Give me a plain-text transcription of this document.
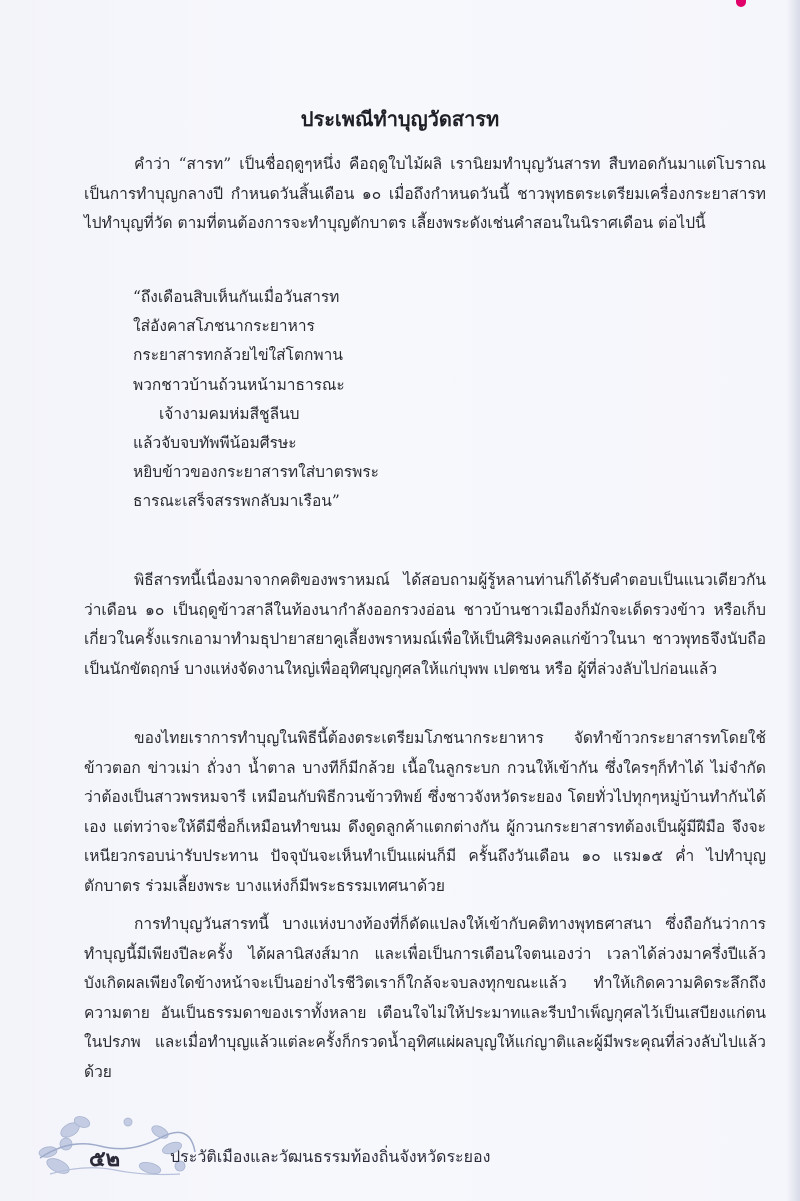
ประเพณีทำบุญวัดสารท

คำว่า “สารท” เป็นชื่อฤดูๆหนึ่ง คือฤดูใบไม้ผลิ เรานิยมทำบุญวันสารท สืบทอดกันมาแต่โบราณ เป็นการทำบุญกลางปี กำหนดวันสิ้นเดือน ๑๐ เมื่อถึงกำหนดวันนี้ ชาวพุทธตระเตรียมเครื่องกระยาสารท ไปทำบุญที่วัด ตามที่ตนต้องการจะทำบุญตักบาตร เลี้ยงพระดังเช่นคำสอนในนิราศเดือน ต่อไปนี้

“ถึงเดือนสิบเห็นกันเมื่อวันสารท
ใส่อังคาสโภชนากระยาหาร
กระยาสารทกล้วยไข่ใส่โตกพาน
พวกชาวบ้านถ้วนหน้ามาธารณะ
เจ้างามคมห่มสีชูลีนบ
แล้วจับจบทัพพีน้อมศีรษะ
หยิบข้าวของกระยาสารทใส่บาตรพระ
ธารณะเสร็จสรรพกลับมาเรือน”

พิธีสารทนี้เนื่องมาจากคติของพราหมณ์ ได้สอบถามผู้รู้หลานท่านก็ได้รับคำตอบเป็นแนวเดียวกัน ว่าเดือน ๑๐ เป็นฤดูข้าวสาลีในท้องนากำลังออกรวงอ่อน ชาวบ้านชาวเมืองก็มักจะเด็ดรวงข้าว หรือเก็บเกี่ยวในครั้งแรกเอามาทำมธุปายาสยาคูเลี้ยงพราหมณ์เพื่อให้เป็นศิริมงคลแก่ข้าวในนา ชาวพุทธจึงนับถือเป็นนักขัตฤกษ์ บางแห่งจัดงานใหญ่เพื่ออุทิศบุญกุศลให้แก่บุพพ เปตชน หรือ ผู้ที่ล่วงลับไปก่อนแล้ว

ของไทยเราการทำบุญในพิธีนี้ต้องตระเตรียมโภชนากระยาหาร จัดทำข้าวกระยาสารทโดยใช้ข้าวตอก ข่าวเม่า ถั่วงา น้ำตาล บางทีก็มีกล้วย เนื้อในลูกระบก กวนให้เข้ากัน ซึ่งใครๆก็ทำได้ ไม่จำกัดว่าต้องเป็นสาวพรหมจารี เหมือนกับพิธีกวนข้าวทิพย์ ซึ่งชาวจังหวัดระยอง โดยทั่วไปทุกๆหมู่บ้านทำกันได้เอง แต่ทว่าจะให้ดีมีชื่อก็เหมือนทำขนม ดึงดูดลูกค้าแตกต่างกัน ผู้กวนกระยาสารทต้องเป็นผู้มีฝีมือ จึงจะเหนียวกรอบน่ารับประทาน ปัจจุบันจะเห็นทำเป็นแผ่นก็มี ครั้นถึงวันเดือน ๑๐ แรม๑๕ ค่ำ ไปทำบุญตักบาตร ร่วมเลี้ยงพระ บางแห่งก็มีพระธรรมเทศนาด้วย

การทำบุญวันสารทนี้ บางแห่งบางท้องที่ก็ดัดแปลงให้เข้ากับคติทางพุทธศาสนา ซึ่งถือกันว่าการทำบุญนี้มีเพียงปีละครั้ง ได้ผลานิสงส์มาก และเพื่อเป็นการเตือนใจตนเองว่า เวลาได้ล่วงมาครึ่งปีแล้ว บังเกิดผลเพียงใดข้างหน้าจะเป็นอย่างไรชีวิตเราก็ใกล้จะจบลงทุกขณะแล้ว ทำให้เกิดความคิดระลึกถึงความตาย อันเป็นธรรมดาของเราทั้งหลาย เตือนใจไม่ให้ประมาทและรีบบำเพ็ญกุศลไว้เป็นเสบียงแก่ตนในปรภพ และเมื่อทำบุญแล้วแต่ละครั้งก็กรวดน้ำอุทิศแผ่ผลบุญให้แก่ญาติและผู้มีพระคุณที่ล่วงลับไปแล้วด้วย

๕๒	ประวัติเมืองและวัฒนธรรมท้องถิ่นจังหวัดระยอง
